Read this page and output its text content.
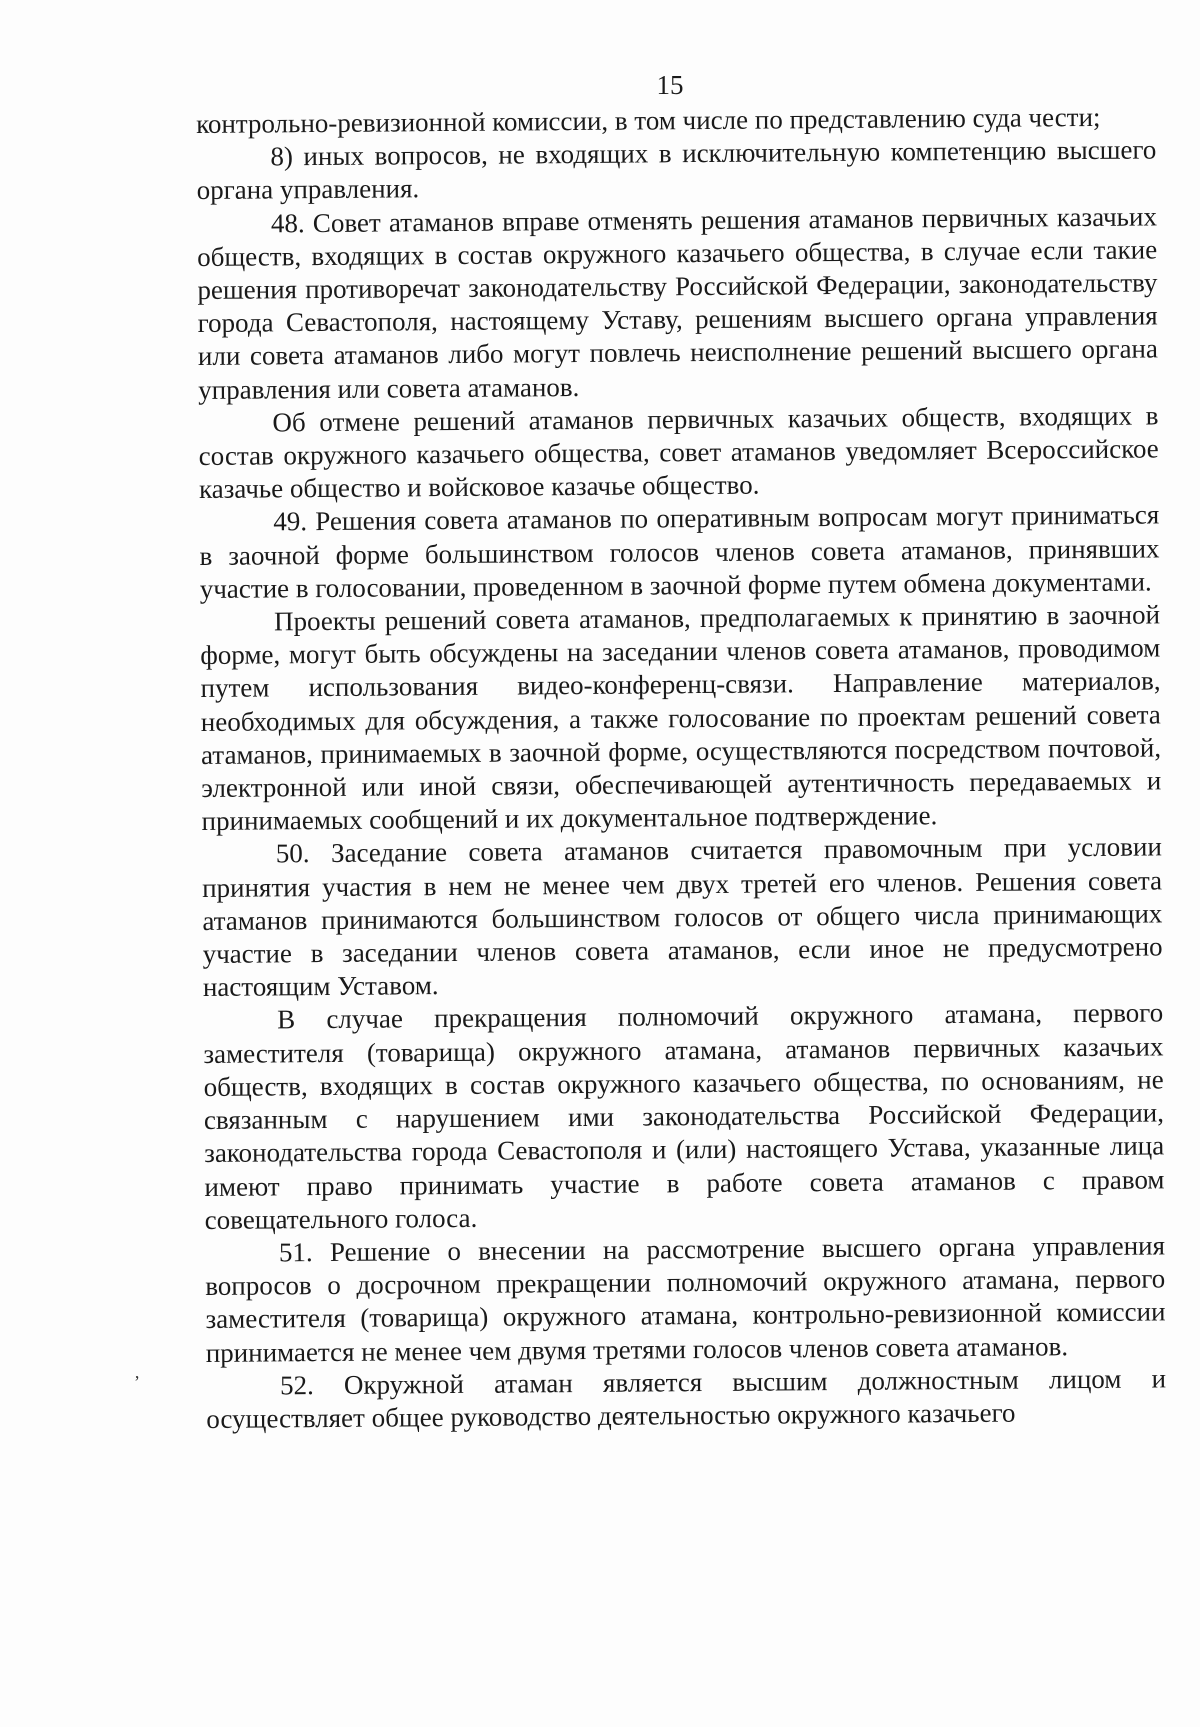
15

контрольно-ревизионной комиссии, в том числе по представлению суда чести;

8) иных вопросов, не входящих в исключительную компетенцию высшего органа управления.

48. Совет атаманов вправе отменять решения атаманов первичных казачьих обществ, входящих в состав окружного казачьего общества, в случае если такие решения противоречат законодательству Российской Федерации, законодательству города Севастополя, настоящему Уставу, решениям высшего органа управления или совета атаманов либо могут повлечь неисполнение решений высшего органа управления или совета атаманов.

Об отмене решений атаманов первичных казачьих обществ, входящих в состав окружного казачьего общества, совет атаманов уведомляет Всероссийское казачье общество и войсковое казачье общество.

49. Решения совета атаманов по оперативным вопросам могут приниматься в заочной форме большинством голосов членов совета атаманов, принявших участие в голосовании, проведенном в заочной форме путем обмена документами.

Проекты решений совета атаманов, предполагаемых к принятию в заочной форме, могут быть обсуждены на заседании членов совета атаманов, проводимом путем использования видео-конференц-связи. Направление материалов, необходимых для обсуждения, а также голосование по проектам решений совета атаманов, принимаемых в заочной форме, осуществляются посредством почтовой, электронной или иной связи, обеспечивающей аутентичность передаваемых и принимаемых сообщений и их документальное подтверждение.

50. Заседание совета атаманов считается правомочным при условии принятия участия в нем не менее чем двух третей его членов. Решения совета атаманов принимаются большинством голосов от общего числа принимающих участие в заседании членов совета атаманов, если иное не предусмотрено настоящим Уставом.

В случае прекращения полномочий окружного атамана, первого заместителя (товарища) окружного атамана, атаманов первичных казачьих обществ, входящих в состав окружного казачьего общества, по основаниям, не связанным с нарушением ими законодательства Российской Федерации, законодательства города Севастополя и (или) настоящего Устава, указанные лица имеют право принимать участие в работе совета атаманов с правом совещательного голоса.

51. Решение о внесении на рассмотрение высшего органа управления вопросов о досрочном прекращении полномочий окружного атамана, первого заместителя (товарища) окружного атамана, контрольно-ревизионной комиссии принимается не менее чем двумя третями голосов членов совета атаманов.

52. Окружной атаман является высшим должностным лицом и осуществляет общее руководство деятельностью окружного казачьего

‚
